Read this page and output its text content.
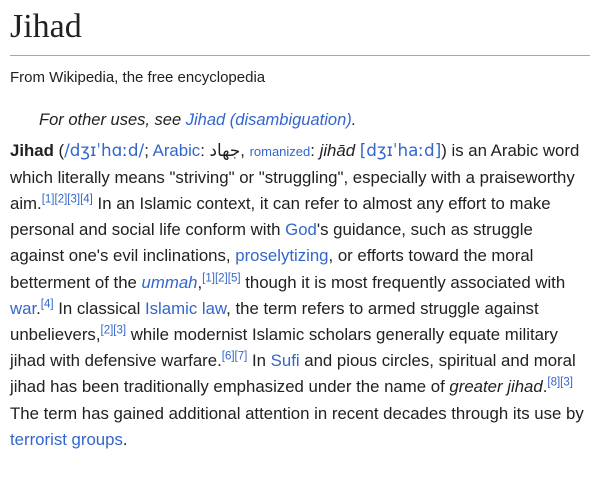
Jihad
From Wikipedia, the free encyclopedia
For other uses, see Jihad (disambiguation).

Jihad (/dʒɪˈhɑːd/; Arabic: جهاد, romanized: jihād [dʒɪˈhaːd]) is an Arabic word which literally means "striving" or "struggling", especially with a praiseworthy aim.[1][2][3][4] In an Islamic context, it can refer to almost any effort to make personal and social life conform with God's guidance, such as struggle against one's evil inclinations, proselytizing, or efforts toward the moral betterment of the ummah,[1][2][5] though it is most frequently associated with war.[4] In classical Islamic law, the term refers to armed struggle against unbelievers,[2][3] while modernist Islamic scholars generally equate military jihad with defensive warfare.[6][7] In Sufi and pious circles, spiritual and moral jihad has been traditionally emphasized under the name of greater jihad.[8][3] The term has gained additional attention in recent decades through its use by terrorist groups.
